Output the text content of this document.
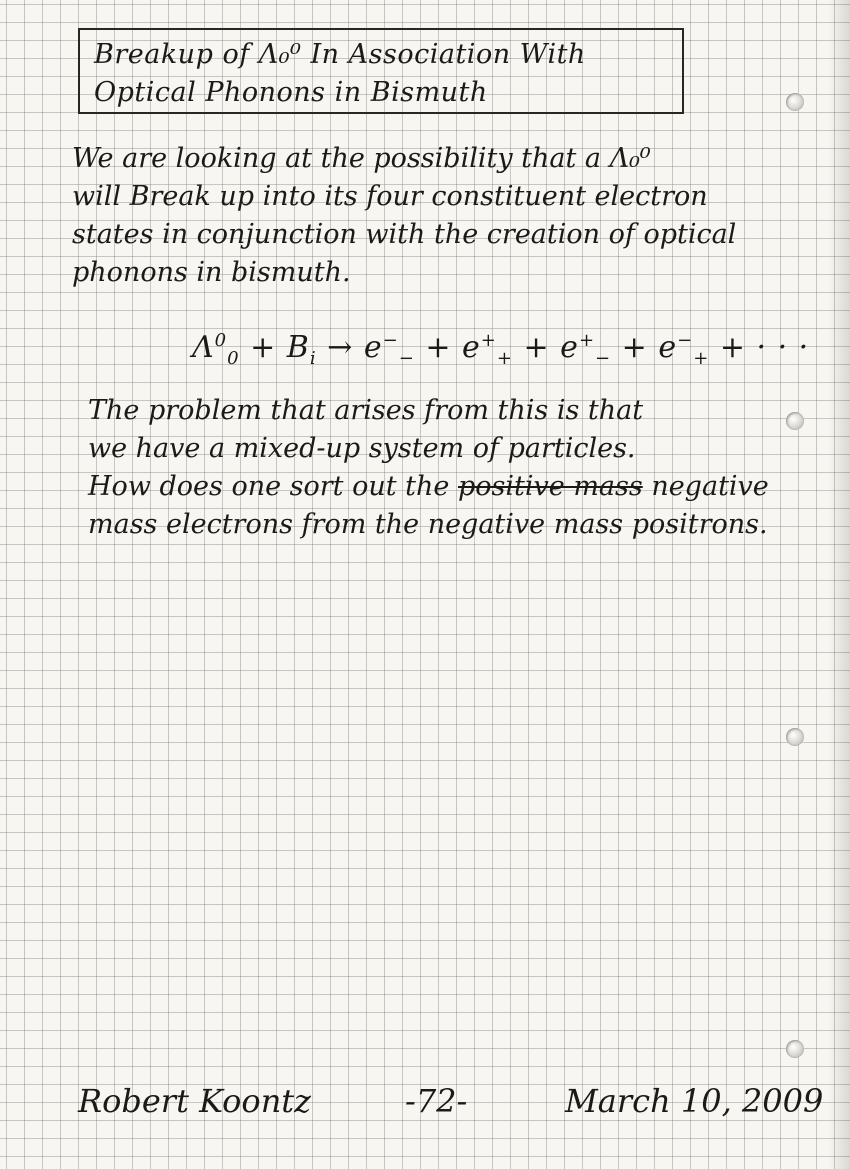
Breakup of Λ₀⁰ In Association With
Optical Phonons in Bismuth
We are looking at the possibility that a Λ₀⁰
will Break up into its four constituent electron
states in conjunction with the creation of optical
phonons in bismuth.
$\Lambda^0_0 + B_i \to e^-_- + e^+_+ + e^+_- + e^-_+$ + · · ·
The problem that arises from this is that
we have a mixed-up system of particles.
How does one sort out the positive mass negative
mass electrons from the negative mass positrons.
Robert Koontz	-72-	March 10, 2009
